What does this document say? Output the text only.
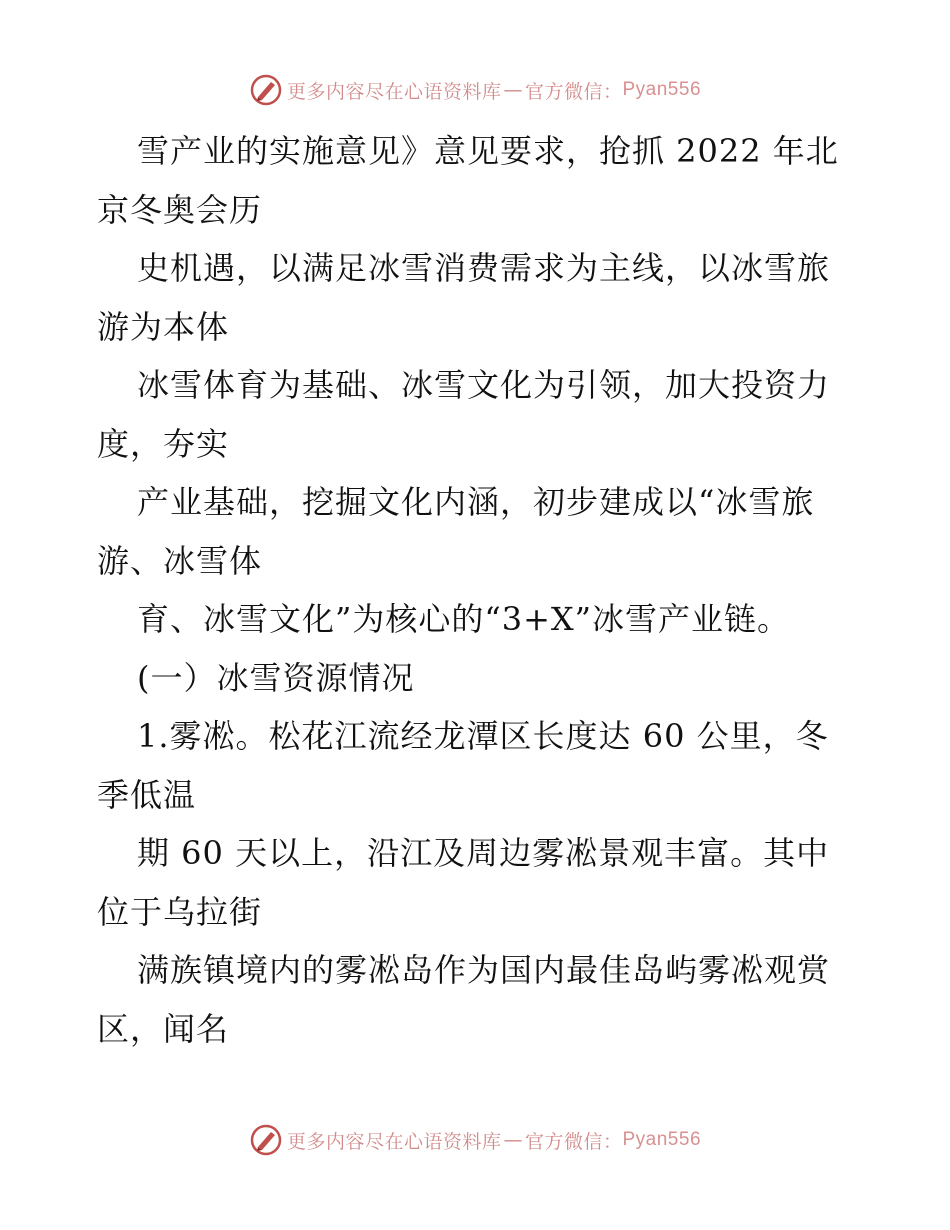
更多内容尽在心语资料库 — 官方微信： Pyan556
雪产业的实施意见》意见要求，抢抓 2022 年北
京冬奥会历
史机遇，以满足冰雪消费需求为主线，以冰雪旅
游为本体
冰雪体育为基础、冰雪文化为引领，加大投资力
度，夯实
产业基础，挖掘文化内涵，初步建成以“冰雪旅
游、冰雪体
育、冰雪文化”为核心的“3+X”冰雪产业链。
(一）冰雪资源情况
1.雾凇。松花江流经龙潭区长度达 60 公里，冬
季低温
期 60 天以上，沿江及周边雾凇景观丰富。其中
位于乌拉街
满族镇境内的雾凇岛作为国内最佳岛屿雾凇观赏
区，闻名
更多内容尽在心语资料库 — 官方微信： Pyan556
